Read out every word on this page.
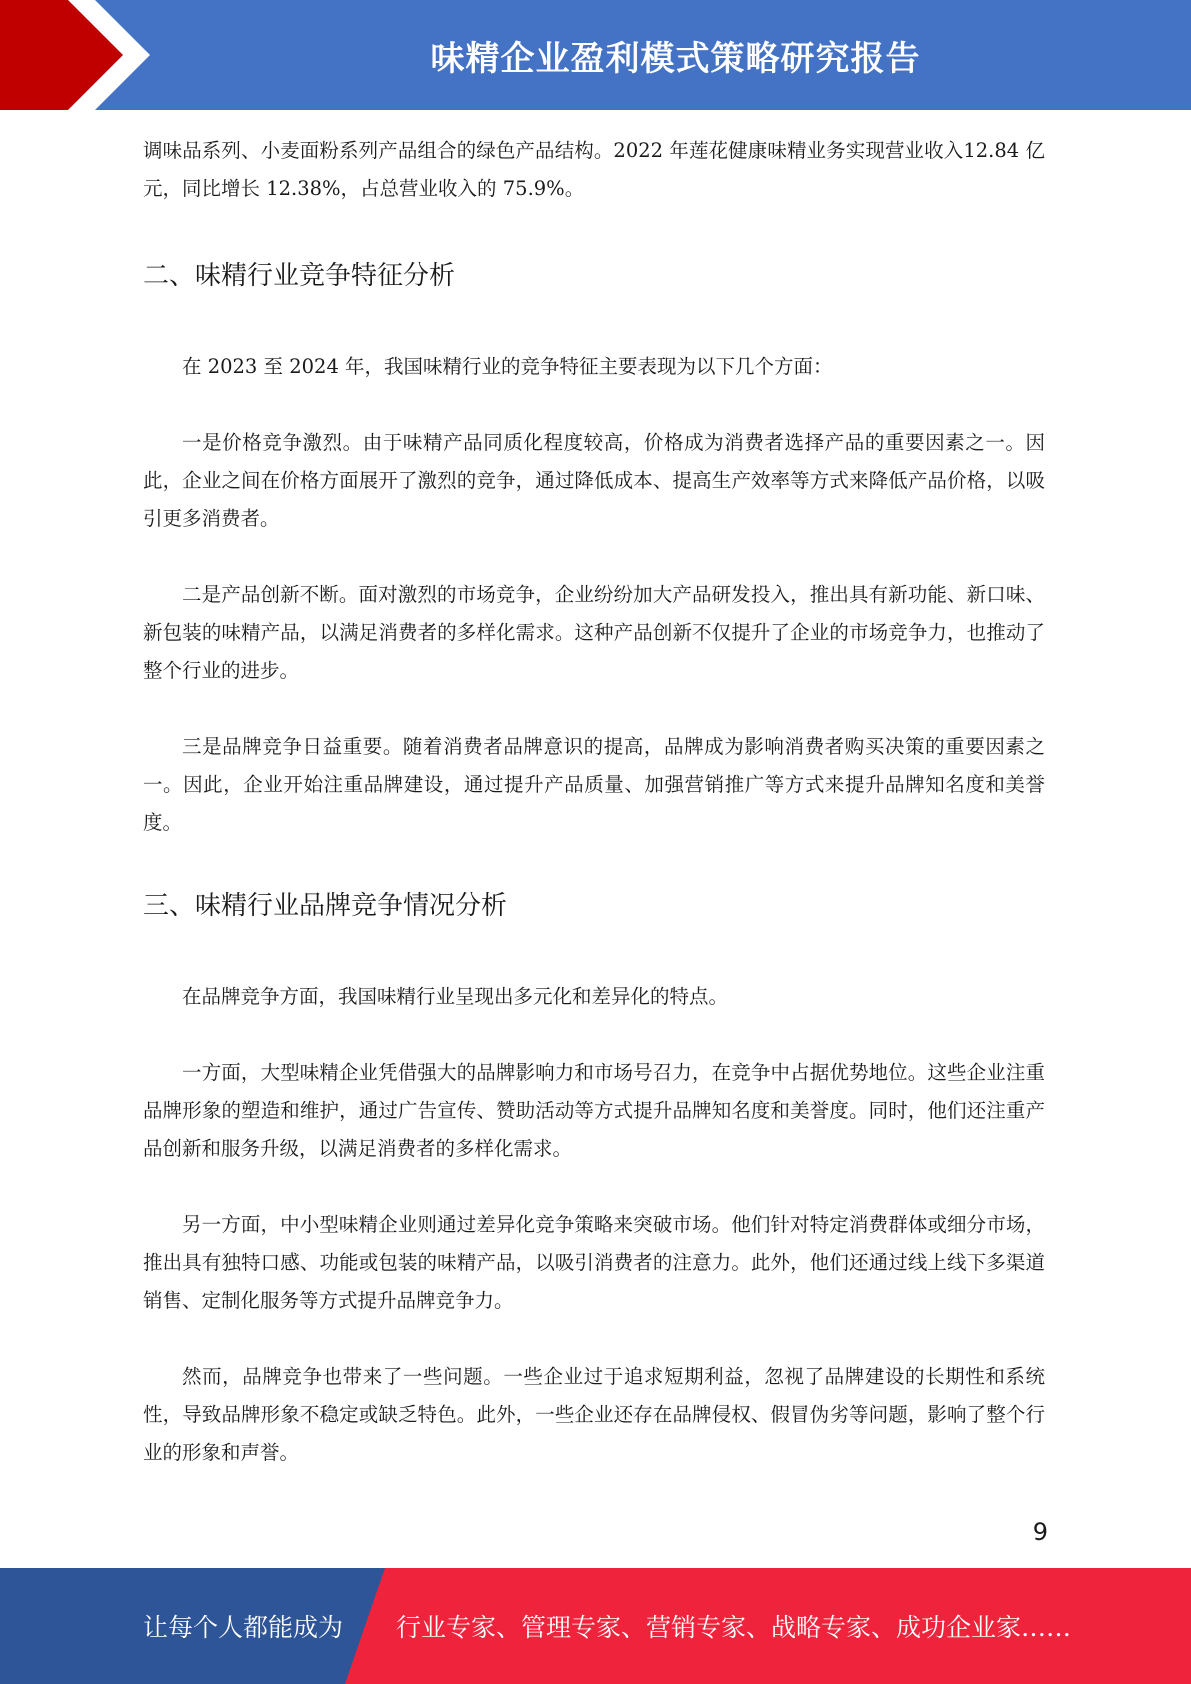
味精企业盈利模式策略研究报告

调味品系列、小麦面粉系列产品组合的绿色产品结构。2022 年莲花健康味精业务实现营业收入12.84 亿元，同比增长 12.38%，占总营业收入的 75.9%。

二、味精行业竞争特征分析

在 2023 至 2024 年，我国味精行业的竞争特征主要表现为以下几个方面：

一是价格竞争激烈。由于味精产品同质化程度较高，价格成为消费者选择产品的重要因素之一。因此，企业之间在价格方面展开了激烈的竞争，通过降低成本、提高生产效率等方式来降低产品价格，以吸引更多消费者。

二是产品创新不断。面对激烈的市场竞争，企业纷纷加大产品研发投入，推出具有新功能、新口味、新包装的味精产品，以满足消费者的多样化需求。这种产品创新不仅提升了企业的市场竞争力，也推动了整个行业的进步。

三是品牌竞争日益重要。随着消费者品牌意识的提高，品牌成为影响消费者购买决策的重要因素之一。因此，企业开始注重品牌建设，通过提升产品质量、加强营销推广等方式来提升品牌知名度和美誉度。

三、味精行业品牌竞争情况分析

在品牌竞争方面，我国味精行业呈现出多元化和差异化的特点。

一方面，大型味精企业凭借强大的品牌影响力和市场号召力，在竞争中占据优势地位。这些企业注重品牌形象的塑造和维护，通过广告宣传、赞助活动等方式提升品牌知名度和美誉度。同时，他们还注重产品创新和服务升级，以满足消费者的多样化需求。

另一方面，中小型味精企业则通过差异化竞争策略来突破市场。他们针对特定消费群体或细分市场，推出具有独特口感、功能或包装的味精产品，以吸引消费者的注意力。此外，他们还通过线上线下多渠道销售、定制化服务等方式提升品牌竞争力。

然而，品牌竞争也带来了一些问题。一些企业过于追求短期利益，忽视了品牌建设的长期性和系统性，导致品牌形象不稳定或缺乏特色。此外，一些企业还存在品牌侵权、假冒伪劣等问题，影响了整个行业的形象和声誉。

9
让每个人都能成为 行业专家、管理专家、营销专家、战略专家、成功企业家……
